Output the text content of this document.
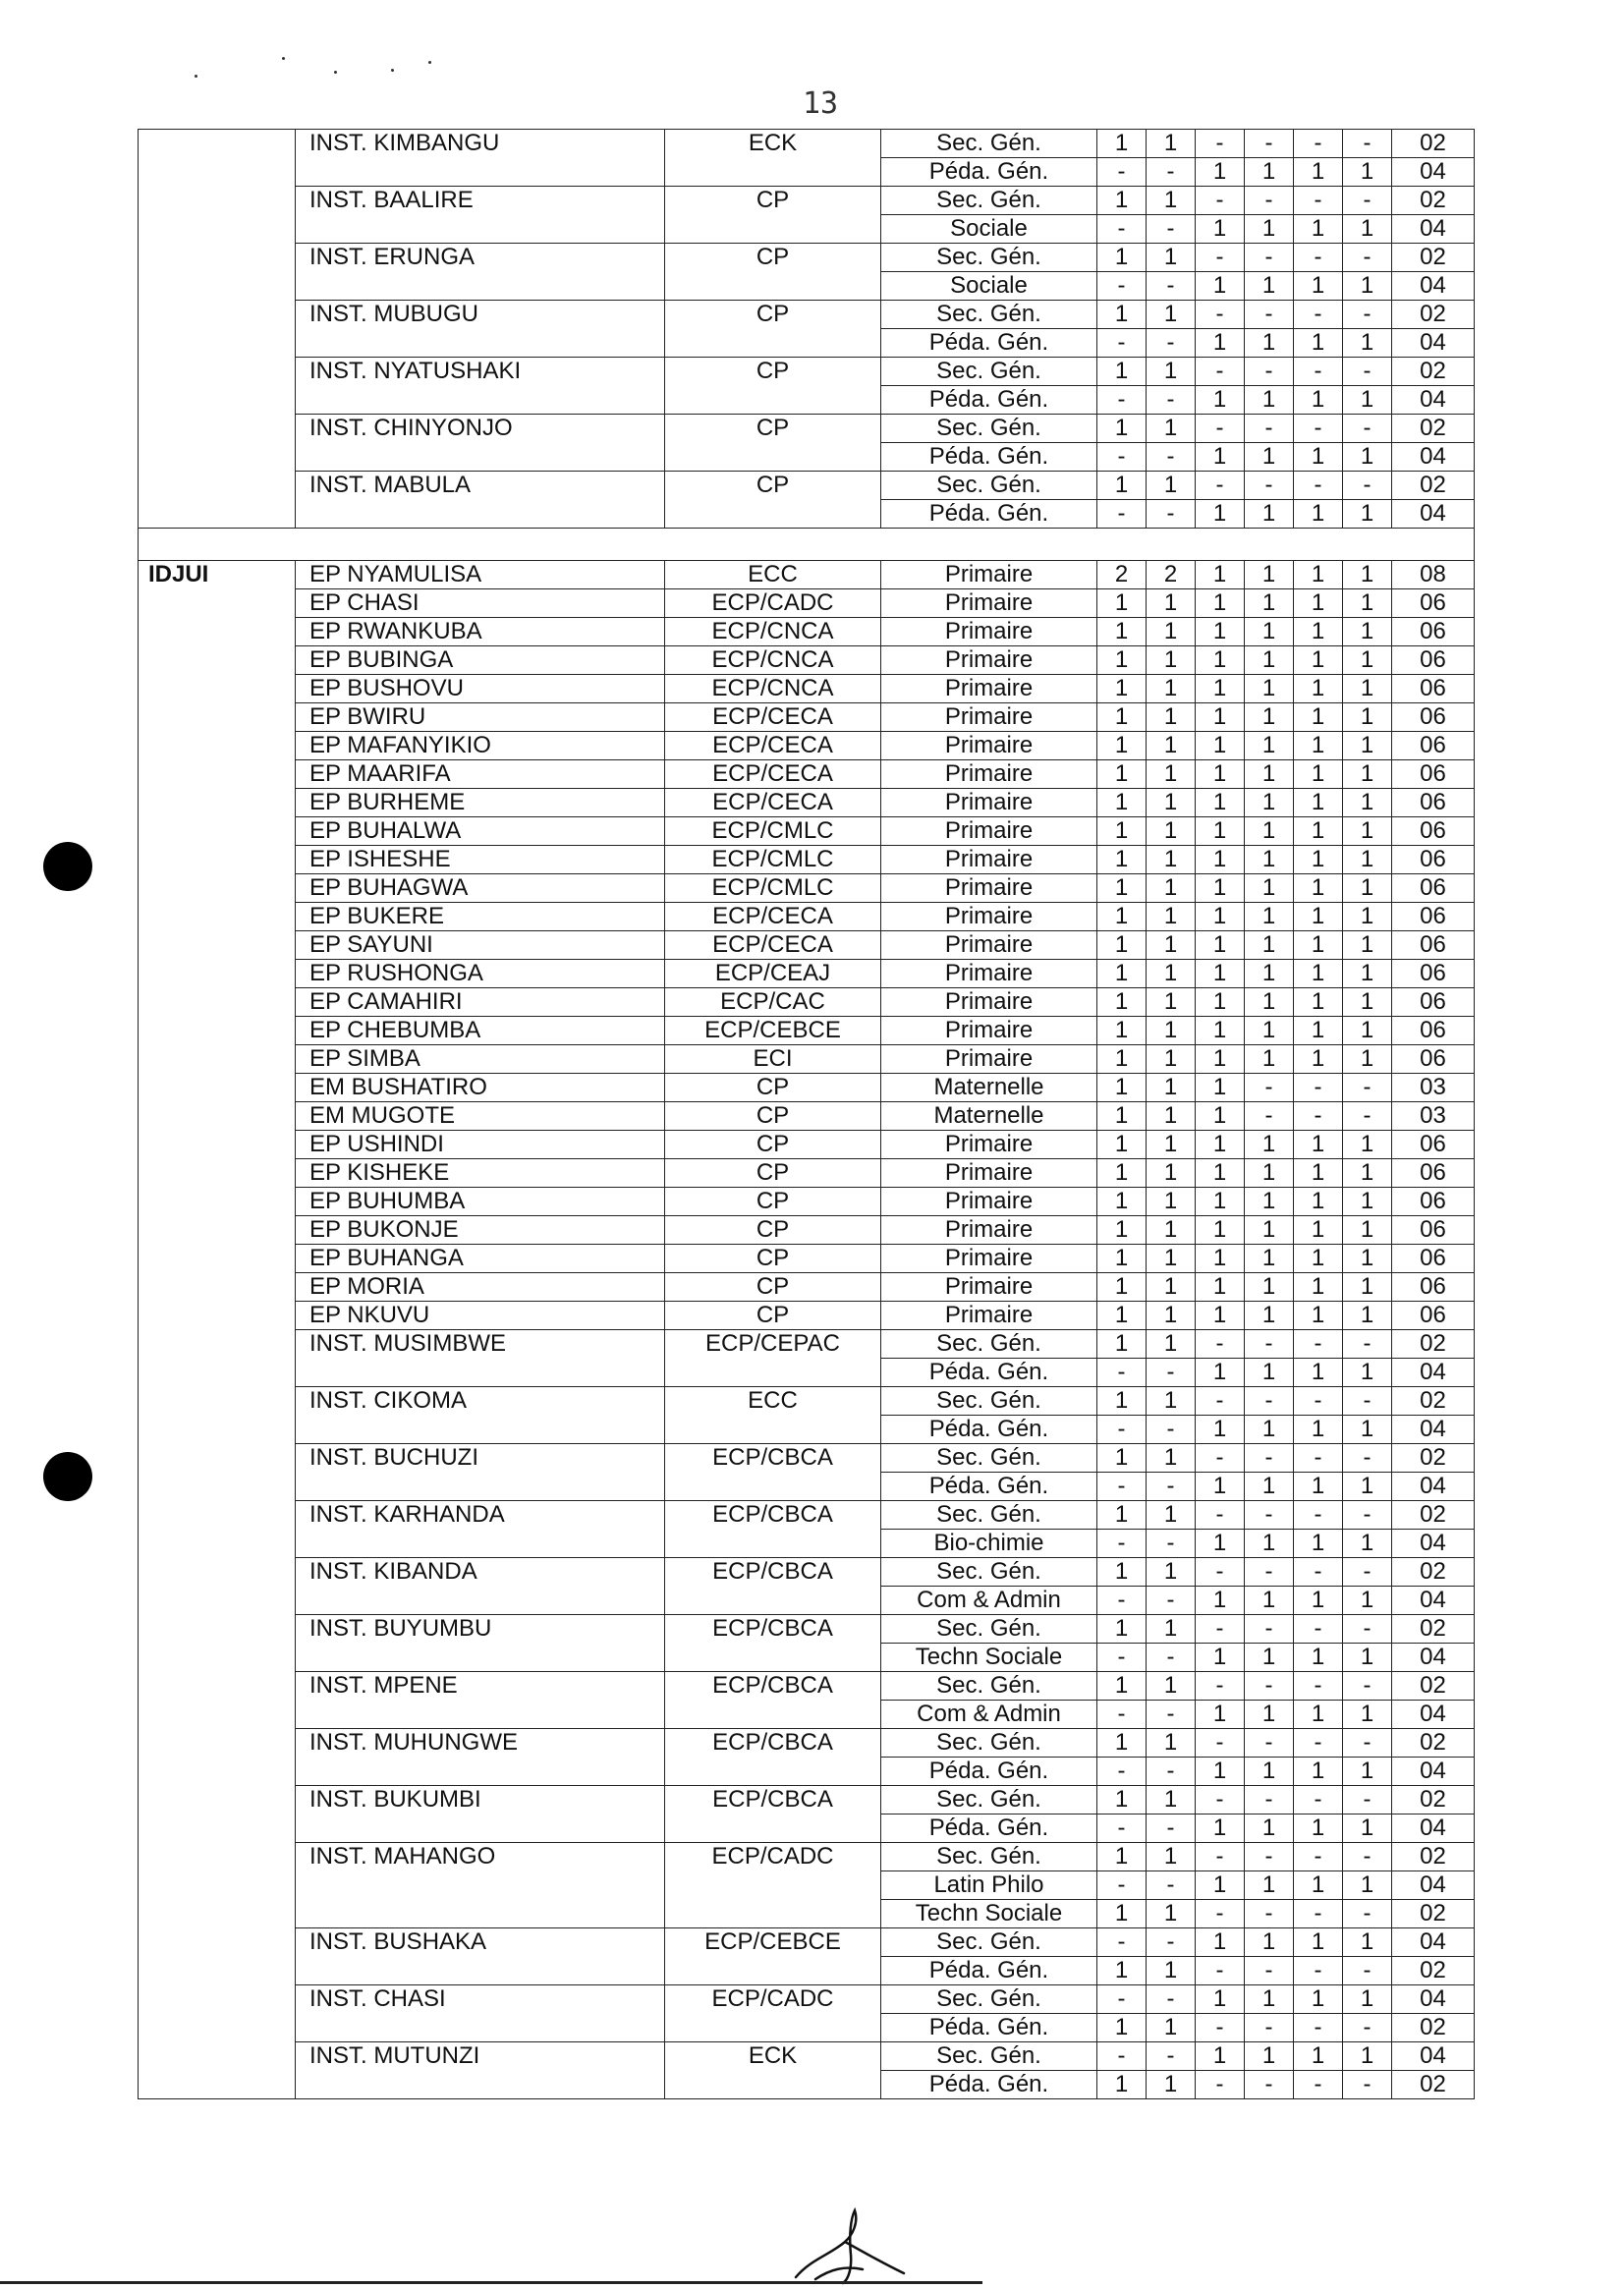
13
	INST. KIMBANGU	ECK	Sec. Gén.	1	1	-	-	-	-	02
			Péda. Gén.	-	-	1	1	1	1	04
	INST. BAALIRE	CP	Sec. Gén.	1	1	-	-	-	-	02
			Sociale	-	-	1	1	1	1	04
	INST. ERUNGA	CP	Sec. Gén.	1	1	-	-	-	-	02
			Sociale	-	-	1	1	1	1	04
	INST. MUBUGU	CP	Sec. Gén.	1	1	-	-	-	-	02
			Péda. Gén.	-	-	1	1	1	1	04
	INST. NYATUSHAKI	CP	Sec. Gén.	1	1	-	-	-	-	02
			Péda. Gén.	-	-	1	1	1	1	04
	INST. CHINYONJO	CP	Sec. Gén.	1	1	-	-	-	-	02
			Péda. Gén.	-	-	1	1	1	1	04
	INST. MABULA	CP	Sec. Gén.	1	1	-	-	-	-	02
			Péda. Gén.	-	-	1	1	1	1	04

IDJUI	EP NYAMULISA	ECC	Primaire	2	2	1	1	1	1	08
	EP CHASI	ECP/CADC	Primaire	1	1	1	1	1	1	06
	EP RWANKUBA	ECP/CNCA	Primaire	1	1	1	1	1	1	06
	EP BUBINGA	ECP/CNCA	Primaire	1	1	1	1	1	1	06
	EP BUSHOVU	ECP/CNCA	Primaire	1	1	1	1	1	1	06
	EP BWIRU	ECP/CECA	Primaire	1	1	1	1	1	1	06
	EP MAFANYIKIO	ECP/CECA	Primaire	1	1	1	1	1	1	06
	EP MAARIFA	ECP/CECA	Primaire	1	1	1	1	1	1	06
	EP BURHEME	ECP/CECA	Primaire	1	1	1	1	1	1	06
	EP BUHALWA	ECP/CMLC	Primaire	1	1	1	1	1	1	06
	EP ISHESHE	ECP/CMLC	Primaire	1	1	1	1	1	1	06
	EP BUHAGWA	ECP/CMLC	Primaire	1	1	1	1	1	1	06
	EP BUKERE	ECP/CECA	Primaire	1	1	1	1	1	1	06
	EP SAYUNI	ECP/CECA	Primaire	1	1	1	1	1	1	06
	EP RUSHONGA	ECP/CEAJ	Primaire	1	1	1	1	1	1	06
	EP CAMAHIRI	ECP/CAC	Primaire	1	1	1	1	1	1	06
	EP CHEBUMBA	ECP/CEBCE	Primaire	1	1	1	1	1	1	06
	EP SIMBA	ECI	Primaire	1	1	1	1	1	1	06
	EM BUSHATIRO	CP	Maternelle	1	1	1	-	-	-	03
	EM MUGOTE	CP	Maternelle	1	1	1	-	-	-	03
	EP USHINDI	CP	Primaire	1	1	1	1	1	1	06
	EP KISHEKE	CP	Primaire	1	1	1	1	1	1	06
	EP BUHUMBA	CP	Primaire	1	1	1	1	1	1	06
	EP BUKONJE	CP	Primaire	1	1	1	1	1	1	06
	EP BUHANGA	CP	Primaire	1	1	1	1	1	1	06
	EP MORIA	CP	Primaire	1	1	1	1	1	1	06
	EP NKUVU	CP	Primaire	1	1	1	1	1	1	06
	INST. MUSIMBWE	ECP/CEPAC	Sec. Gén.	1	1	-	-	-	-	02
			Péda. Gén.	-	-	1	1	1	1	04
	INST. CIKOMA	ECC	Sec. Gén.	1	1	-	-	-	-	02
			Péda. Gén.	-	-	1	1	1	1	04
	INST. BUCHUZI	ECP/CBCA	Sec. Gén.	1	1	-	-	-	-	02
			Péda. Gén.	-	-	1	1	1	1	04
	INST. KARHANDA	ECP/CBCA	Sec. Gén.	1	1	-	-	-	-	02
			Bio-chimie	-	-	1	1	1	1	04
	INST. KIBANDA	ECP/CBCA	Sec. Gén.	1	1	-	-	-	-	02
			Com & Admin	-	-	1	1	1	1	04
	INST. BUYUMBU	ECP/CBCA	Sec. Gén.	1	1	-	-	-	-	02
			Techn Sociale	-	-	1	1	1	1	04
	INST. MPENE	ECP/CBCA	Sec. Gén.	1	1	-	-	-	-	02
			Com & Admin	-	-	1	1	1	1	04
	INST. MUHUNGWE	ECP/CBCA	Sec. Gén.	1	1	-	-	-	-	02
			Péda. Gén.	-	-	1	1	1	1	04
	INST. BUKUMBI	ECP/CBCA	Sec. Gén.	1	1	-	-	-	-	02
			Péda. Gén.	-	-	1	1	1	1	04
	INST. MAHANGO	ECP/CADC	Sec. Gén.	1	1	-	-	-	-	02
			Latin Philo	-	-	1	1	1	1	04
			Techn Sociale	1	1	-	-	-	-	02
	INST. BUSHAKA	ECP/CEBCE	Sec. Gén.	-	-	1	1	1	1	04
			Péda. Gén.	1	1	-	-	-	-	02
	INST. CHASI	ECP/CADC	Sec. Gén.	-	-	1	1	1	1	04
			Péda. Gén.	1	1	-	-	-	-	02
	INST. MUTUNZI	ECK	Sec. Gén.	-	-	1	1	1	1	04
			Péda. Gén.	1	1	-	-	-	-	02
